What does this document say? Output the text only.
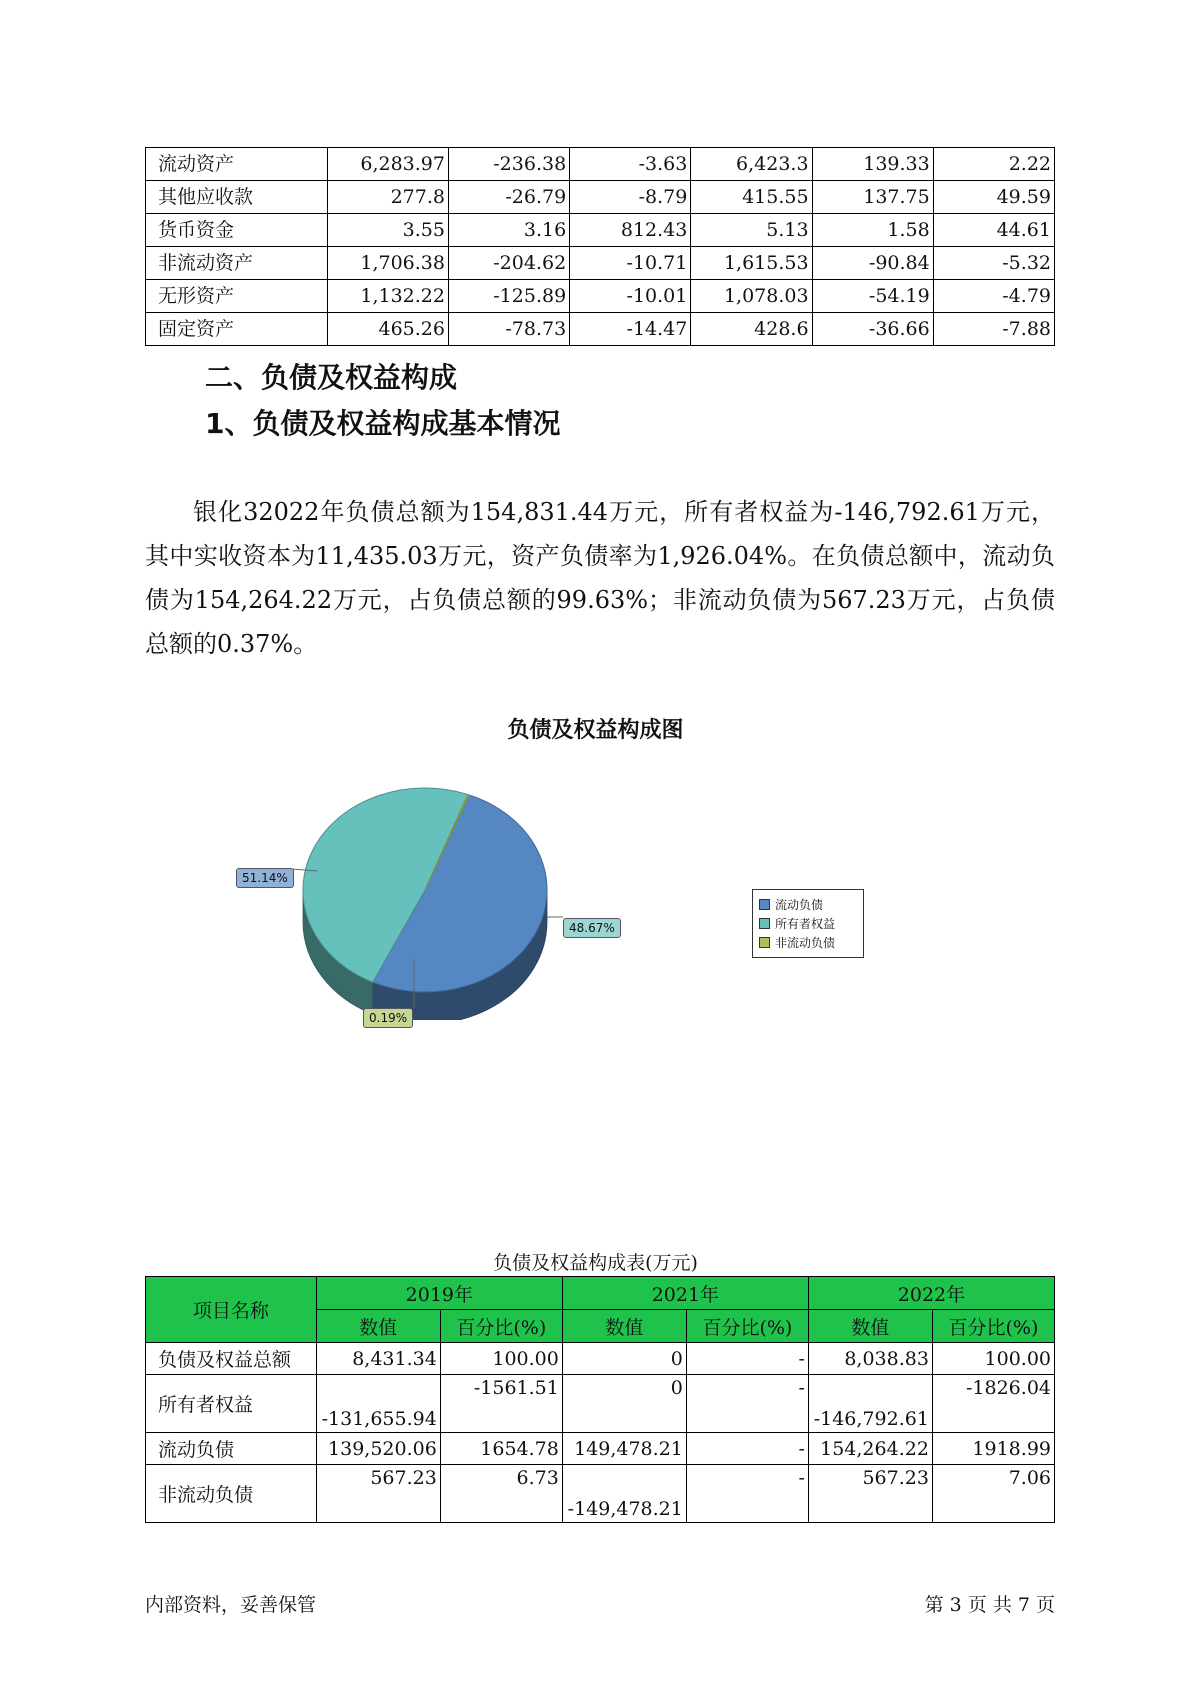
流动资产	6,283.97	-236.38	-3.63	6,423.3	139.33	2.22
其他应收款	277.8	-26.79	-8.79	415.55	137.75	49.59
货币资金	3.55	3.16	812.43	5.13	1.58	44.61
非流动资产	1,706.38	-204.62	-10.71	1,615.53	-90.84	-5.32
无形资产	1,132.22	-125.89	-10.01	1,078.03	-54.19	-4.79
固定资产	465.26	-78.73	-14.47	428.6	-36.66	-7.88
二、负债及权益构成
1、负债及权益构成基本情况
银化32022年负债总额为154,831.44万元，所有者权益为-146,792.61万元，其中实收资本为11,435.03万元，资产负债率为1,926.04%。在负债总额中，流动负债为154,264.22万元，占负债总额的99.63%；非流动负债为567.23万元，占负债总额的0.37%。
负债及权益构成图
51.14%
48.67%
0.19%
流动负债
所有者权益
非流动负债
负债及权益构成表(万元)
项目名称	2019年		2021年		2022年	
	数值	百分比(%)	数值	百分比(%)	数值	百分比(%)
负债及权益总额	8,431.34	100.00	0	-	8,038.83	100.00
所有者权益	-131,655.94	-1561.51	0	-	-146,792.61	-1826.04
流动负债	139,520.06	1654.78	149,478.21	-	154,264.22	1918.99
非流动负债	567.23	6.73	-149,478.21	-	567.23	7.06
内部资料，妥善保管	第 3 页 共 7 页
